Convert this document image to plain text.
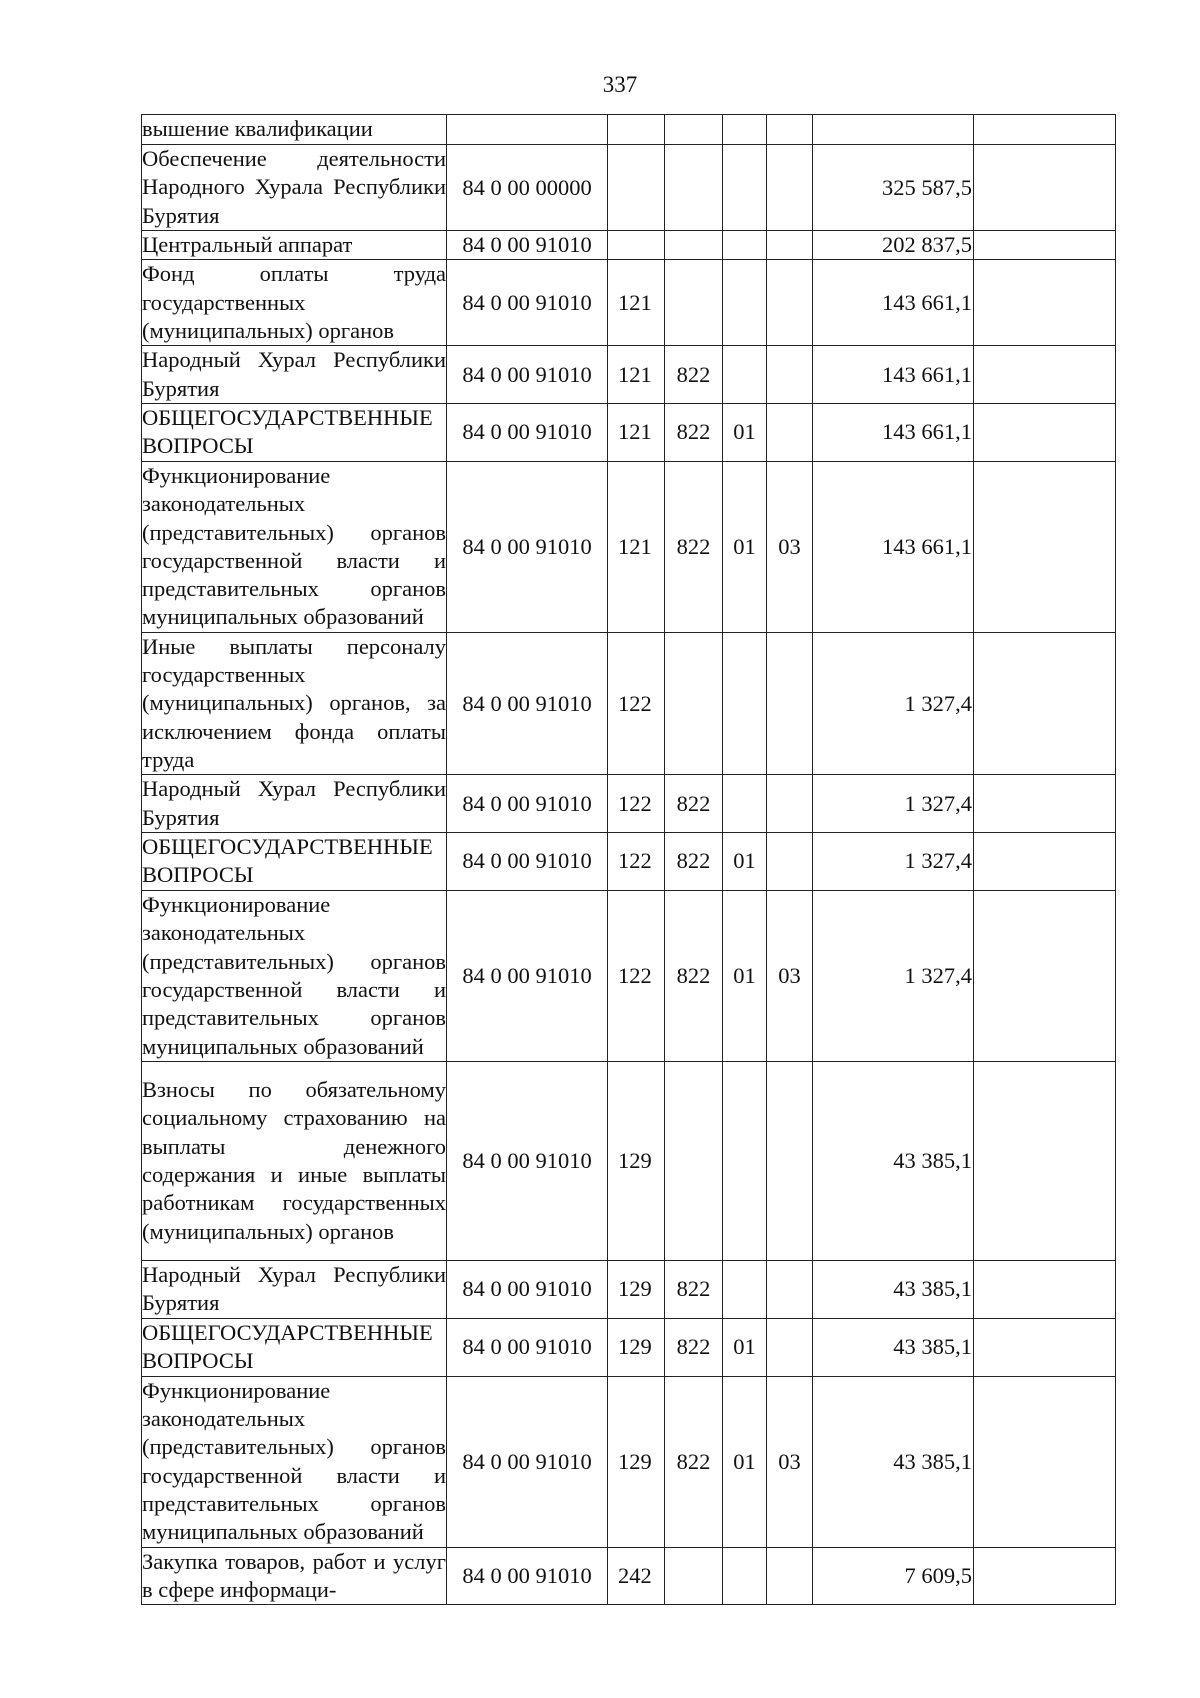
337
вышение квалификации							
Обеспечение деятельности Народного Хурала Республики Бурятия	84 0 00 00000					325 587,5	
Центральный аппарат	84 0 00 91010					202 837,5	
Фонд оплаты труда государственных (муниципальных) органов	84 0 00 91010	121				143 661,1	
Народный Хурал Республики Бурятия	84 0 00 91010	121	822			143 661,1	
ОБЩЕГОСУДАРСТВЕННЫЕ ВОПРОСЫ	84 0 00 91010	121	822	01		143 661,1	
Функционирование законодательных (представительных) органов государственной власти и представительных органов муниципальных образований	84 0 00 91010	121	822	01	03	143 661,1	
Иные выплаты персоналу государственных (муниципальных) органов, за исключением фонда оплаты труда	84 0 00 91010	122				1 327,4	
Народный Хурал Республики Бурятия	84 0 00 91010	122	822			1 327,4	
ОБЩЕГОСУДАРСТВЕННЫЕ ВОПРОСЫ	84 0 00 91010	122	822	01		1 327,4	
Функционирование законодательных (представительных) органов государственной власти и представительных органов муниципальных образований	84 0 00 91010	122	822	01	03	1 327,4	
Взносы по обязательному социальному страхованию на выплаты денежного содержания и иные выплаты работникам государственных (муниципальных) органов	84 0 00 91010	129				43 385,1	
Народный Хурал Республики Бурятия	84 0 00 91010	129	822			43 385,1	
ОБЩЕГОСУДАРСТВЕННЫЕ ВОПРОСЫ	84 0 00 91010	129	822	01		43 385,1	
Функционирование законодательных (представительных) органов государственной власти и представительных органов муниципальных образований	84 0 00 91010	129	822	01	03	43 385,1	
Закупка товаров, работ и услуг в сфере информаци-	84 0 00 91010	242				7 609,5	
